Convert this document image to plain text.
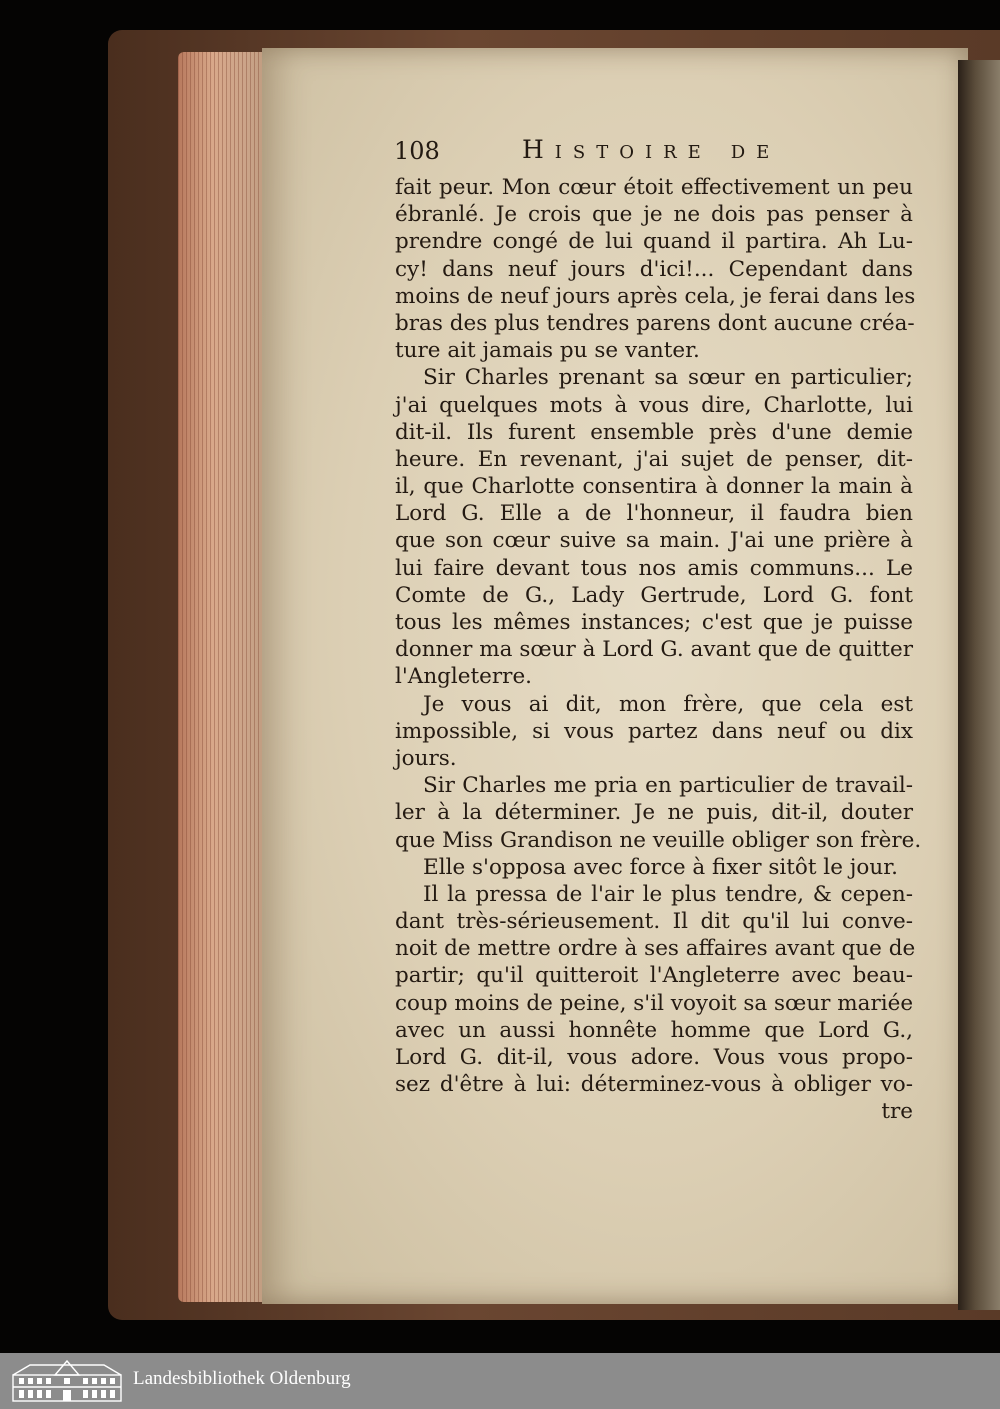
108	Histoire de
fait peur. Mon cœur étoit effectivement un peu
ébranlé. Je crois que je ne dois pas penser à
prendre congé de lui quand il partira. Ah Lu-
cy! dans neuf jours d'ici!... Cependant dans
moins de neuf jours après cela, je ferai dans les
bras des plus tendres parens dont aucune créa-
ture ait jamais pu se vanter.
Sir Charles prenant sa sœur en particulier;
j'ai quelques mots à vous dire, Charlotte, lui
dit-il. Ils furent ensemble près d'une demie
heure. En revenant, j'ai sujet de penser, dit-
il, que Charlotte consentira à donner la main à
Lord G. Elle a de l'honneur, il faudra bien
que son cœur suive sa main. J'ai une prière à
lui faire devant tous nos amis communs... Le
Comte de G., Lady Gertrude, Lord G. font
tous les mêmes instances; c'est que je puisse
donner ma sœur à Lord G. avant que de quitter
l'Angleterre.
Je vous ai dit, mon frère, que cela est
impossible, si vous partez dans neuf ou dix
jours.
Sir Charles me pria en particulier de travail-
ler à la déterminer. Je ne puis, dit-il, douter
que Miss Grandison ne veuille obliger son frère.
Elle s'opposa avec force à fixer sitôt le jour.
Il la pressa de l'air le plus tendre, & cepen-
dant très-sérieusement. Il dit qu'il lui conve-
noit de mettre ordre à ses affaires avant que de
partir; qu'il quitteroit l'Angleterre avec beau-
coup moins de peine, s'il voyoit sa sœur mariée
avec un aussi honnête homme que Lord G.,
Lord G. dit-il, vous adore. Vous vous propo-
sez d'être à lui: déterminez-vous à obliger vo-
tre
Landesbibliothek Oldenburg
